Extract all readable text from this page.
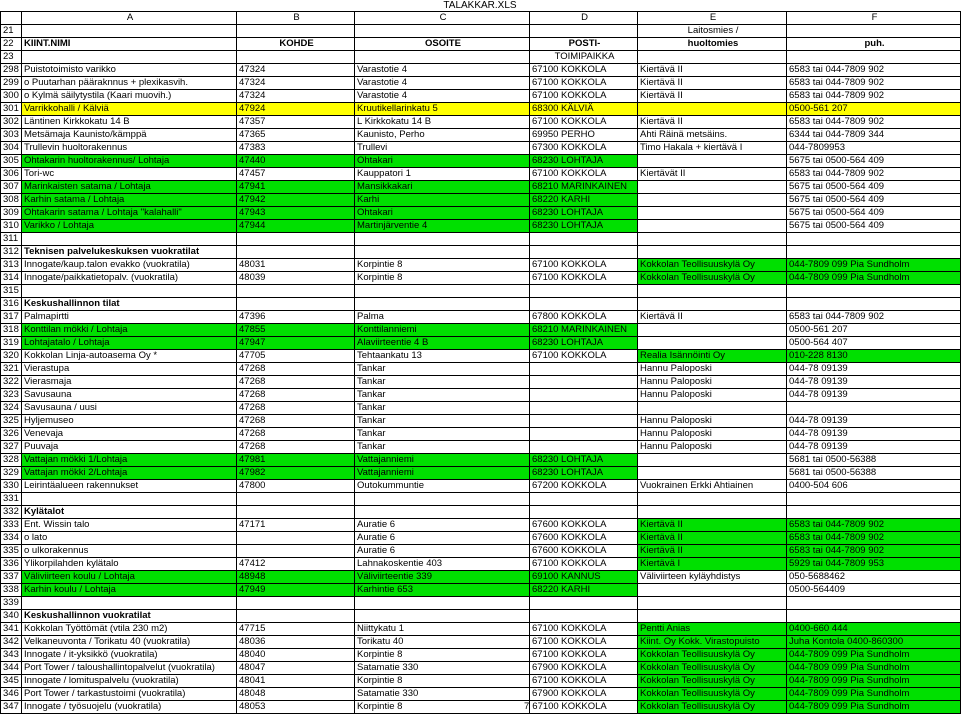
TALAKKAR.XLS
	A	B	C	D	E	F
21					Laitosmies /	
22	KIINT.NIMI	KOHDE	OSOITE	POSTI-	huoltomies	puh.
23				TOIMIPAIKKA		
298	Puistotoimisto varikko	47324	Varastotie 4	67100 KOKKOLA	Kiertävä II	6583 tai 044-7809 902
299	o Puutarhan pääraknnus + plexikasvih.	47324	Varastotie 4	67100 KOKKOLA	Kiertävä II	6583 tai 044-7809 902
300	o Kylmä säilytystila (Kaari muovih.)	47324	Varastotie 4	67100 KOKKOLA	Kiertävä II	6583 tai 044-7809 902
301	Varrikkohalli / Kälviä	47924	Kruutikellarinkatu 5	68300 KÄLVIÄ		0500-561 207
302	Läntinen Kirkkokatu 14 B	47357	L Kirkkokatu 14 B	67100 KOKKOLA	Kiertävä II	6583 tai 044-7809 902
303	Metsämaja Kaunisto/kämppä	47365	Kaunisto, Perho	69950 PERHO	Ahti Räinä metsäins.	6344 tai 044-7809 344
304	Trullevin huoltorakennus	47383	Trullevi	67300 KOKKOLA	Timo Hakala + kiertävä I	044-7809953
305	Ohtakarin huoltorakennus/ Lohtaja	47440	Ohtakari	68230 LOHTAJA		5675 tai 0500-564 409
306	Tori-wc	47457	Kauppatori 1	67100 KOKKOLA	Kiertävät II	6583 tai 044-7809 902
307	Marinkaisten satama / Lohtaja	47941	Mansikkakari	68210 MARINKAINEN		5675 tai 0500-564 409
308	Karhin satama / Lohtaja	47942	Karhi	68220 KARHI		5675 tai 0500-564 409
309	Ohtakarin satama / Lohtaja "kalahalli"	47943	Ohtakari	68230 LOHTAJA		5675 tai 0500-564 409
310	Varikko / Lohtaja	47944	Martinjärventie 4	68230 LOHTAJA		5675 tai 0500-564 409
311						
312	Teknisen palvelukeskuksen vuokratilat					
313	Innogate/kaup.talon evakko (vuokratila)	48031	Korpintie 8	67100 KOKKOLA	Kokkolan Teollisuuskylä Oy	044-7809 099 Pia Sundholm
314	Innogate/paikkatietopalv. (vuokratila)	48039	Korpintie 8	67100 KOKKOLA	Kokkolan Teollisuuskylä Oy	044-7809 099 Pia Sundholm
315						
316	Keskushallinnon tilat					
317	Palmapirtti	47396	Palma	67800 KOKKOLA	Kiertävä II	6583 tai 044-7809 902
318	Konttilan mökki / Lohtaja	47855	Konttilanniemi	68210 MARINKAINEN		0500-561 207
319	Lohtajatalo / Lohtaja	47947	Alaviirteentie 4 B	68230 LOHTAJA		0500-564 407
320	Kokkolan Linja-autoasema Oy *	47705	Tehtaankatu 13	67100 KOKKOLA	Realia Isännöinti Oy	010-228 8130
321	Vierastupa	47268	Tankar		Hannu Paloposki	044-78 09139
322	Vierasmaja	47268	Tankar		Hannu Paloposki	044-78 09139
323	Savusauna	47268	Tankar		Hannu Paloposki	044-78 09139
324	Savusauna / uusi	47268	Tankar			
325	Hyljemuseo	47268	Tankar		Hannu Paloposki	044-78 09139
326	Venevaja	47268	Tankar		Hannu Paloposki	044-78 09139
327	Puuvaja	47268	Tankar		Hannu Paloposki	044-78 09139
328	Vattajan mökki 1/Lohtaja	47981	Vattajanniemi	68230 LOHTAJA		5681 tai 0500-56388
329	Vattajan mökki 2/Lohtaja	47982	Vattajanniemi	68230 LOHTAJA		5681 tai 0500-56388
330	Leirintäalueen rakennukset	47800	Outokummuntie	67200 KOKKOLA	Vuokrainen Erkki Ahtiainen	0400-504 606
331						
332	Kylätalot					
333	Ent. Wissin talo	47171	Auratie 6	67600 KOKKOLA	Kiertävä II	6583 tai 044-7809 902
334	o lato		Auratie 6	67600 KOKKOLA	Kiertävä II	6583 tai 044-7809 902
335	o ulkorakennus		Auratie 6	67600 KOKKOLA	Kiertävä II	6583 tai 044-7809 902
336	Ylikorpilahden kylätalo	47412	Lahnakoskentie 403	67100 KOKKOLA	Kiertävä I	5929 tai 044-7809 953
337	Väliviirteen koulu / Lohtaja	48948	Väliviirteentie 339	69100 KANNUS	Väliviirteen kyläyhdistys	050-5688462
338	Karhin koulu / Lohtaja	47949	Karhintie 653	68220 KARHI		0500-564409
339						
340	Keskushallinnon vuokratilat					
341	Kokkolan Työttömät (vtila 230 m2)	47715	Niittykatu 1	67100 KOKKOLA	Pentti Anias	0400-660 444
342	Velkaneuvonta / Torikatu 40 (vuokratila)	48036	Torikatu 40	67100 KOKKOLA	Kiint. Oy Kokk. Virastopuisto	Juha Kontola 0400-860300
343	Innogate / it-yksikkö (vuokratila)	48040	Korpintie 8	67100 KOKKOLA	Kokkolan Teollisuuskylä Oy	044-7809 099 Pia Sundholm
344	Port Tower / taloushallintopalvelut (vuokratila)	48047	Satamatie 330	67900 KOKKOLA	Kokkolan Teollisuuskylä Oy	044-7809 099 Pia Sundholm
345	Innogate / lomituspalvelu (vuokratila)	48041	Korpintie 8	67100 KOKKOLA	Kokkolan Teollisuuskylä Oy	044-7809 099 Pia Sundholm
346	Port Tower / tarkastustoimi (vuokratila)	48048	Satamatie 330	67900 KOKKOLA	Kokkolan Teollisuuskylä Oy	044-7809 099 Pia Sundholm
347	Innogate / työsuojelu (vuokratila)	48053	Korpintie 8	7 67100 KOKKOLA	Kokkolan Teollisuuskylä Oy	044-7809 099 Pia Sundholm
